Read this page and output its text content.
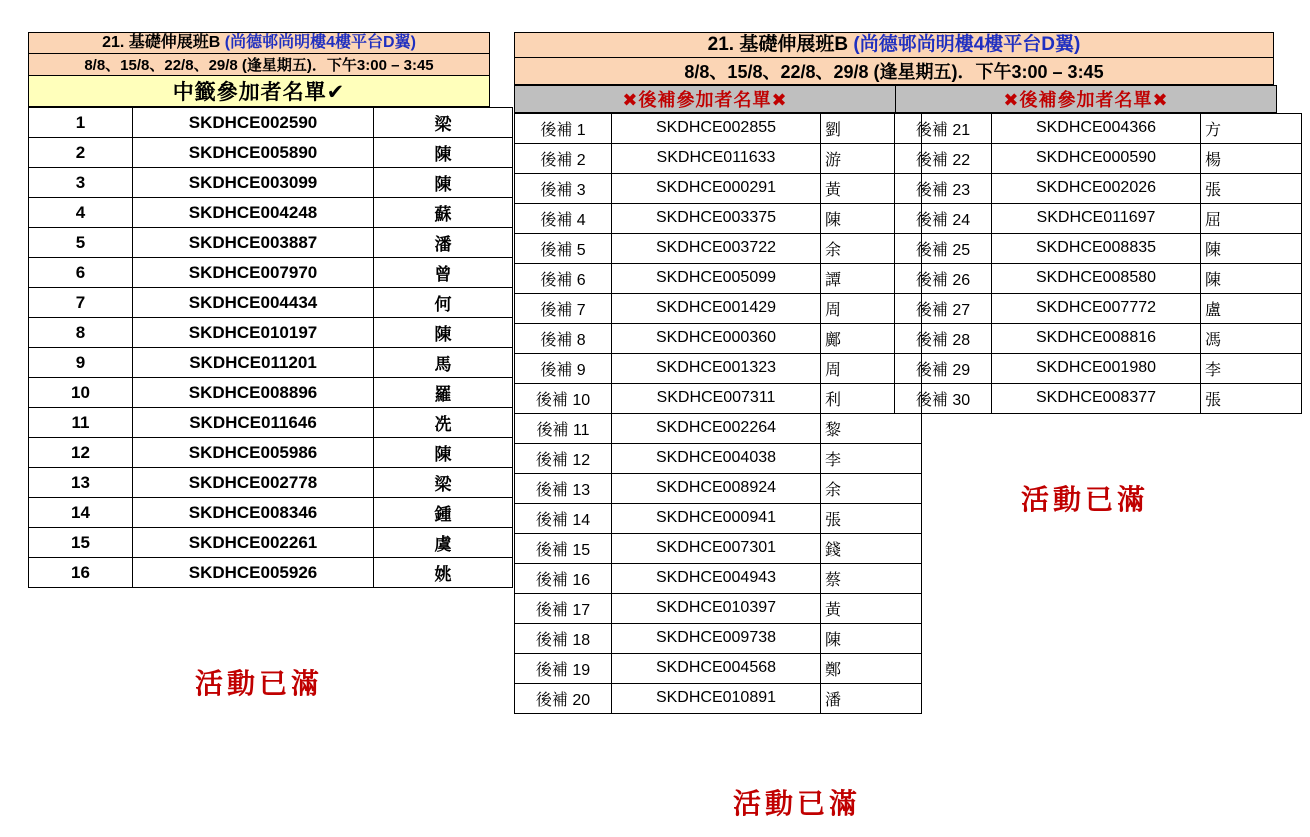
21. 基礎伸展班B (尚德邨尚明樓4樓平台D翼)
8/8、15/8、22/8、29/8 (逢星期五)．下午3:00 – 3:45
中籤參加者名單✔
1	SKDHCE002590	梁
2	SKDHCE005890	陳
3	SKDHCE003099	陳
4	SKDHCE004248	蘇
5	SKDHCE003887	潘
6	SKDHCE007970	曾
7	SKDHCE004434	何
8	SKDHCE010197	陳
9	SKDHCE011201	馬
10	SKDHCE008896	羅
11	SKDHCE011646	冼
12	SKDHCE005986	陳
13	SKDHCE002778	梁
14	SKDHCE008346	鍾
15	SKDHCE002261	虞
16	SKDHCE005926	姚
活動已滿
21. 基礎伸展班B (尚德邨尚明樓4樓平台D翼)
8/8、15/8、22/8、29/8 (逢星期五)．下午3:00 – 3:45
✖後補參加者名單✖	✖後補參加者名單✖
後補 1	SKDHCE002855	劉
後補 2	SKDHCE011633	游
後補 3	SKDHCE000291	黃
後補 4	SKDHCE003375	陳
後補 5	SKDHCE003722	余
後補 6	SKDHCE005099	譚
後補 7	SKDHCE001429	周
後補 8	SKDHCE000360	鄺
後補 9	SKDHCE001323	周
後補 10	SKDHCE007311	利
後補 11	SKDHCE002264	黎
後補 12	SKDHCE004038	李
後補 13	SKDHCE008924	余
後補 14	SKDHCE000941	張
後補 15	SKDHCE007301	錢
後補 16	SKDHCE004943	蔡
後補 17	SKDHCE010397	黃
後補 18	SKDHCE009738	陳
後補 19	SKDHCE004568	鄭
後補 20	SKDHCE010891	潘
後補 21	SKDHCE004366	方
後補 22	SKDHCE000590	楊
後補 23	SKDHCE002026	張
後補 24	SKDHCE011697	屈
後補 25	SKDHCE008835	陳
後補 26	SKDHCE008580	陳
後補 27	SKDHCE007772	盧
後補 28	SKDHCE008816	馮
後補 29	SKDHCE001980	李
後補 30	SKDHCE008377	張
活動已滿
活動已滿
